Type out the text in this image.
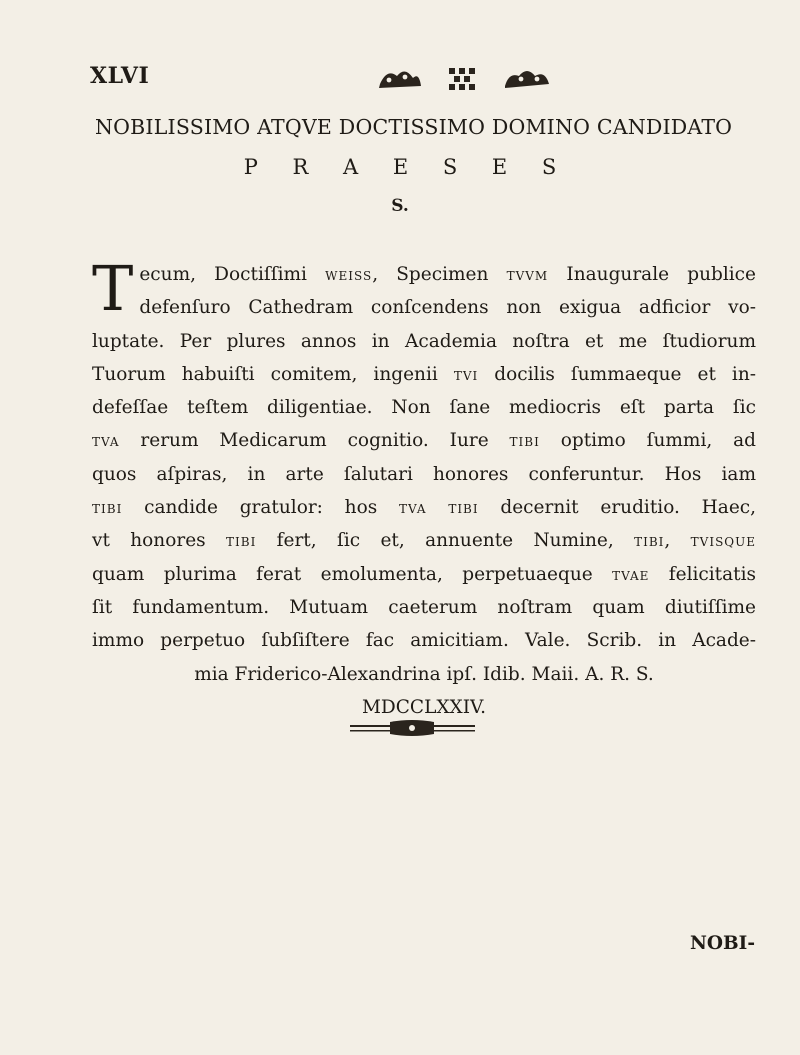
XLVI
NOBILISSIMO ATQVE DOCTISSIMO DOMINO CANDIDATO
P R A E S E S
S.
T ecum, Doctiſſimi weiss, Specimen tvvm Inaugurale publice
defenſuro Cathedram conſcendens non exigua adficior vo-
luptate. Per plures annos in Academia noſtra et me ſtudiorum
Tuorum habuiſti comitem, ingenii tvi docilis ſummaeque et in-
defeſſae teſtem diligentiae. Non ſane mediocris eſt parta ſic
tva rerum Medicarum cognitio. Iure tibi optimo ſummi, ad
quos aſpiras, in arte ſalutari honores conferuntur. Hos iam
tibi candide gratulor: hos tva tibi decernit eruditio. Haec,
vt honores tibi fert, ſic et, annuente Numine, tibi, tvisque
quam plurima ferat emolumenta, perpetuaeque tvae felicitatis
ſit fundamentum. Mutuam caeterum noſtram quam diutiſſime
immo perpetuo ſubſiſtere fac amicitiam. Vale. Scrib. in Acade-
mia Friderico-Alexandrina ipſ. Idib. Maii. A. R. S.
MDCCLXXIV.
NOBI-
